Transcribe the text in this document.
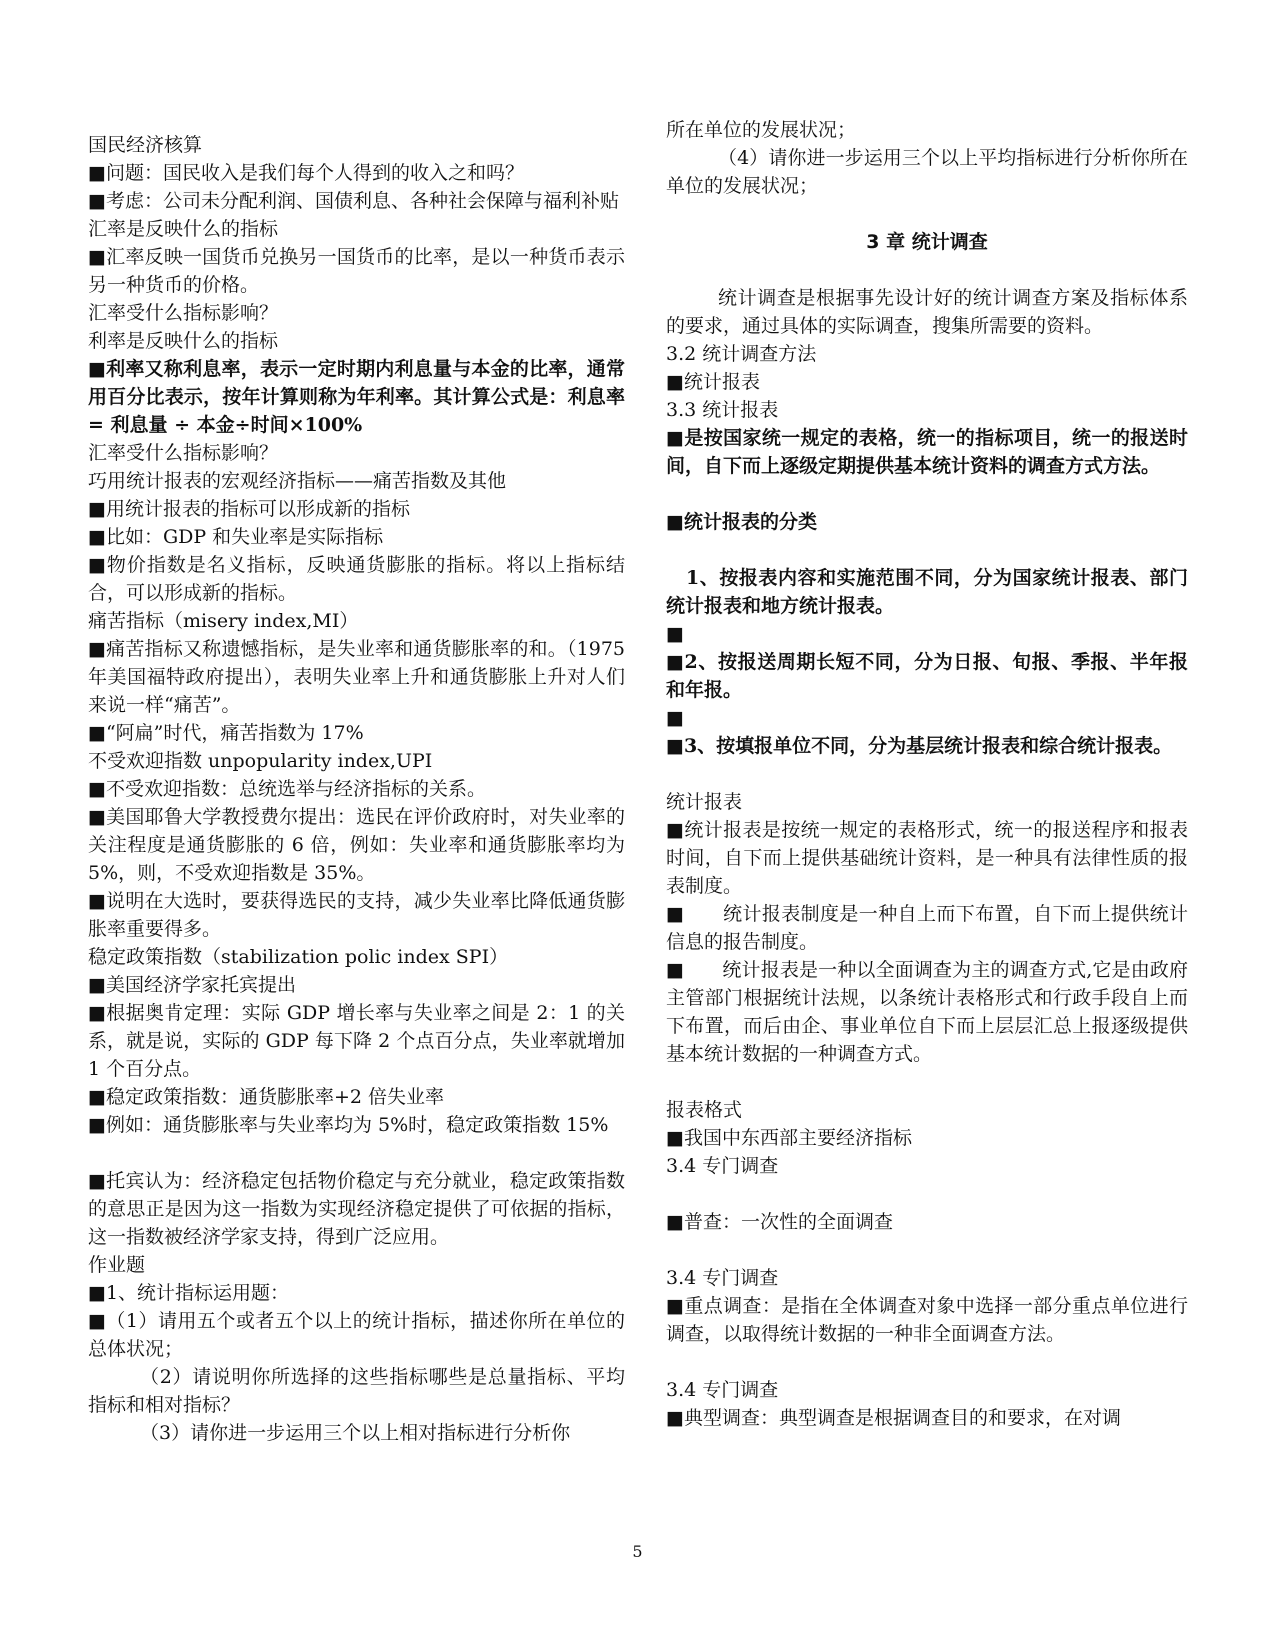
国民经济核算

■问题：国民收入是我们每个人得到的收入之和吗？

■考虑：公司未分配利润、国债利息、各种社会保障与福利补贴

汇率是反映什么的指标

■汇率反映一国货币兑换另一国货币的比率，是以一种货币表示另一种货币的价格。

汇率受什么指标影响？

利率是反映什么的指标

■利率又称利息率，表示一定时期内利息量与本金的比率，通常用百分比表示，按年计算则称为年利率。其计算公式是：利息率= 利息量 ÷ 本金÷时间×100%

汇率受什么指标影响？

巧用统计报表的宏观经济指标——痛苦指数及其他

■用统计报表的指标可以形成新的指标

■比如：GDP 和失业率是实际指标

■物价指数是名义指标，反映通货膨胀的指标。将以上指标结合，可以形成新的指标。

痛苦指标（misery index,MI）

■痛苦指标又称遗憾指标，是失业率和通货膨胀率的和。（1975 年美国福特政府提出），表明失业率上升和通货膨胀上升对人们来说一样“痛苦”。

■“阿扁”时代，痛苦指数为 17%

不受欢迎指数 unpopularity index,UPI

■不受欢迎指数：总统选举与经济指标的关系。

■美国耶鲁大学教授费尔提出：选民在评价政府时，对失业率的关注程度是通货膨胀的 6 倍，例如：失业率和通货膨胀率均为 5%，则，不受欢迎指数是 35%。

■说明在大选时，要获得选民的支持，减少失业率比降低通货膨胀率重要得多。

稳定政策指数（stabilization polic index SPI）

■美国经济学家托宾提出

■根据奥肯定理：实际 GDP 增长率与失业率之间是 2：1 的关系，就是说，实际的 GDP 每下降 2 个点百分点，失业率就增加 1 个百分点。

■稳定政策指数：通货膨胀率+2 倍失业率

■例如：通货膨胀率与失业率均为 5%时，稳定政策指数 15%

■托宾认为：经济稳定包括物价稳定与充分就业，稳定政策指数的意思正是因为这一指数为实现经济稳定提供了可依据的指标，这一指数被经济学家支持，得到广泛应用。

作业题

■1、统计指标运用题：

■（1）请用五个或者五个以上的统计指标，描述你所在单位的总体状况；

（2）请说明你所选择的这些指标哪些是总量指标、平均指标和相对指标？

（3）请你进一步运用三个以上相对指标进行分析你

所在单位的发展状况；

（4）请你进一步运用三个以上平均指标进行分析你所在单位的发展状况；

3 章 统计调查

统计调查是根据事先设计好的统计调查方案及指标体系的要求，通过具体的实际调查，搜集所需要的资料。

3.2 统计调查方法

■统计报表

3.3 统计报表

■是按国家统一规定的表格，统一的指标项目，统一的报送时间，自下而上逐级定期提供基本统计资料的调查方式方法。

■统计报表的分类

1、按报表内容和实施范围不同，分为国家统计报表、部门统计报表和地方统计报表。

■

■2、按报送周期长短不同，分为日报、旬报、季报、半年报和年报。

■

■3、按填报单位不同，分为基层统计报表和综合统计报表。

统计报表

■统计报表是按统一规定的表格形式，统一的报送程序和报表时间，自下而上提供基础统计资料，是一种具有法律性质的报表制度。

■　　统计报表制度是一种自上而下布置，自下而上提供统计信息的报告制度。

■　　统计报表是一种以全面调查为主的调查方式,它是由政府主管部门根据统计法规，以条统计表格形式和行政手段自上而下布置，而后由企、事业单位自下而上层层汇总上报逐级提供基本统计数据的一种调查方式。

报表格式

■我国中东西部主要经济指标

3.4 专门调查

■普查：一次性的全面调查

3.4 专门调查

■重点调查：是指在全体调查对象中选择一部分重点单位进行调查，以取得统计数据的一种非全面调查方法。

3.4 专门调查

■典型调查：典型调查是根据调查目的和要求，在对调

5
